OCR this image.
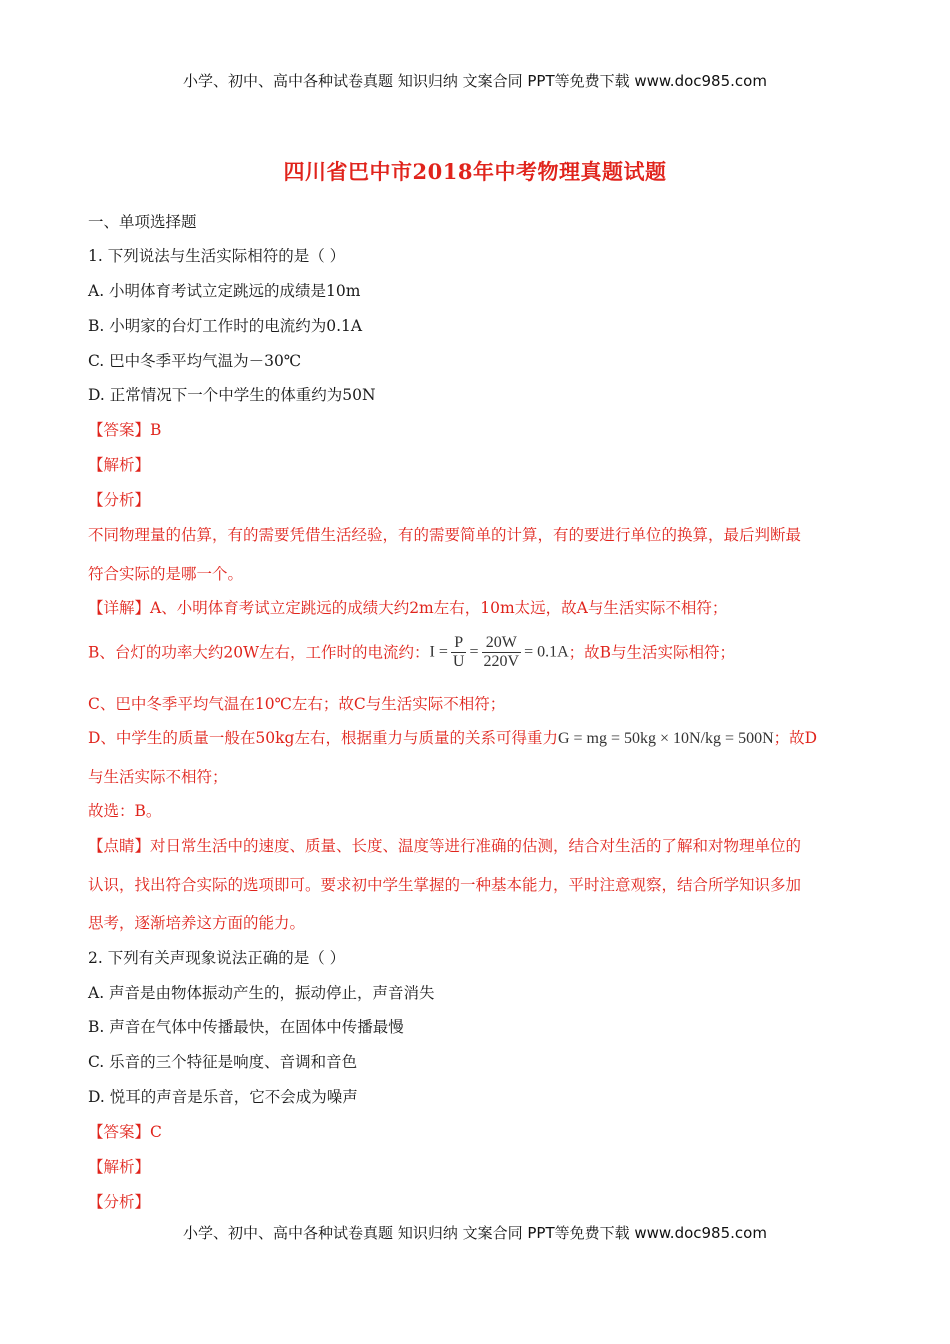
小学、初中、高中各种试卷真题 知识归纳 文案合同 PPT等免费下载 www.doc985.com
四川省巴中市2018年中考物理真题试题
一、单项选择题
1. 下列说法与生活实际相符的是（ ）
A. 小明体育考试立定跳远的成绩是10m
B. 小明家的台灯工作时的电流约为0.1A
C. 巴中冬季平均气温为－30℃
D. 正常情况下一个中学生的体重约为50N
【答案】B
【解析】
【分析】
不同物理量的估算，有的需要凭借生活经验，有的需要简单的计算，有的要进行单位的换算，最后判断最
符合实际的是哪一个。
【详解】A、小明体育考试立定跳远的成绩大约2m左右，10m太远，故A与生活实际不相符；
B、台灯的功率大约20W左右，工作时的电流约：$I = \frac{P}{U} = \frac{20W}{220V} = 0.1A$；故B与生活实际相符；
C、巴中冬季平均气温在10℃左右；故C与生活实际不相符；
D、中学生的质量一般在50kg左右，根据重力与质量的关系可得重力G = mg = 50kg × 10N/kg = 500N；故D
与生活实际不相符；
故选：B。
【点睛】对日常生活中的速度、质量、长度、温度等进行准确的估测，结合对生活的了解和对物理单位的
认识，找出符合实际的选项即可。要求初中学生掌握的一种基本能力，平时注意观察，结合所学知识多加
思考，逐渐培养这方面的能力。
2. 下列有关声现象说法正确的是（ ）
A. 声音是由物体振动产生的，振动停止，声音消失
B. 声音在气体中传播最快，在固体中传播最慢
C. 乐音的三个特征是响度、音调和音色
D. 悦耳的声音是乐音，它不会成为噪声
【答案】C
【解析】
【分析】
小学、初中、高中各种试卷真题 知识归纳 文案合同 PPT等免费下载 www.doc985.com
